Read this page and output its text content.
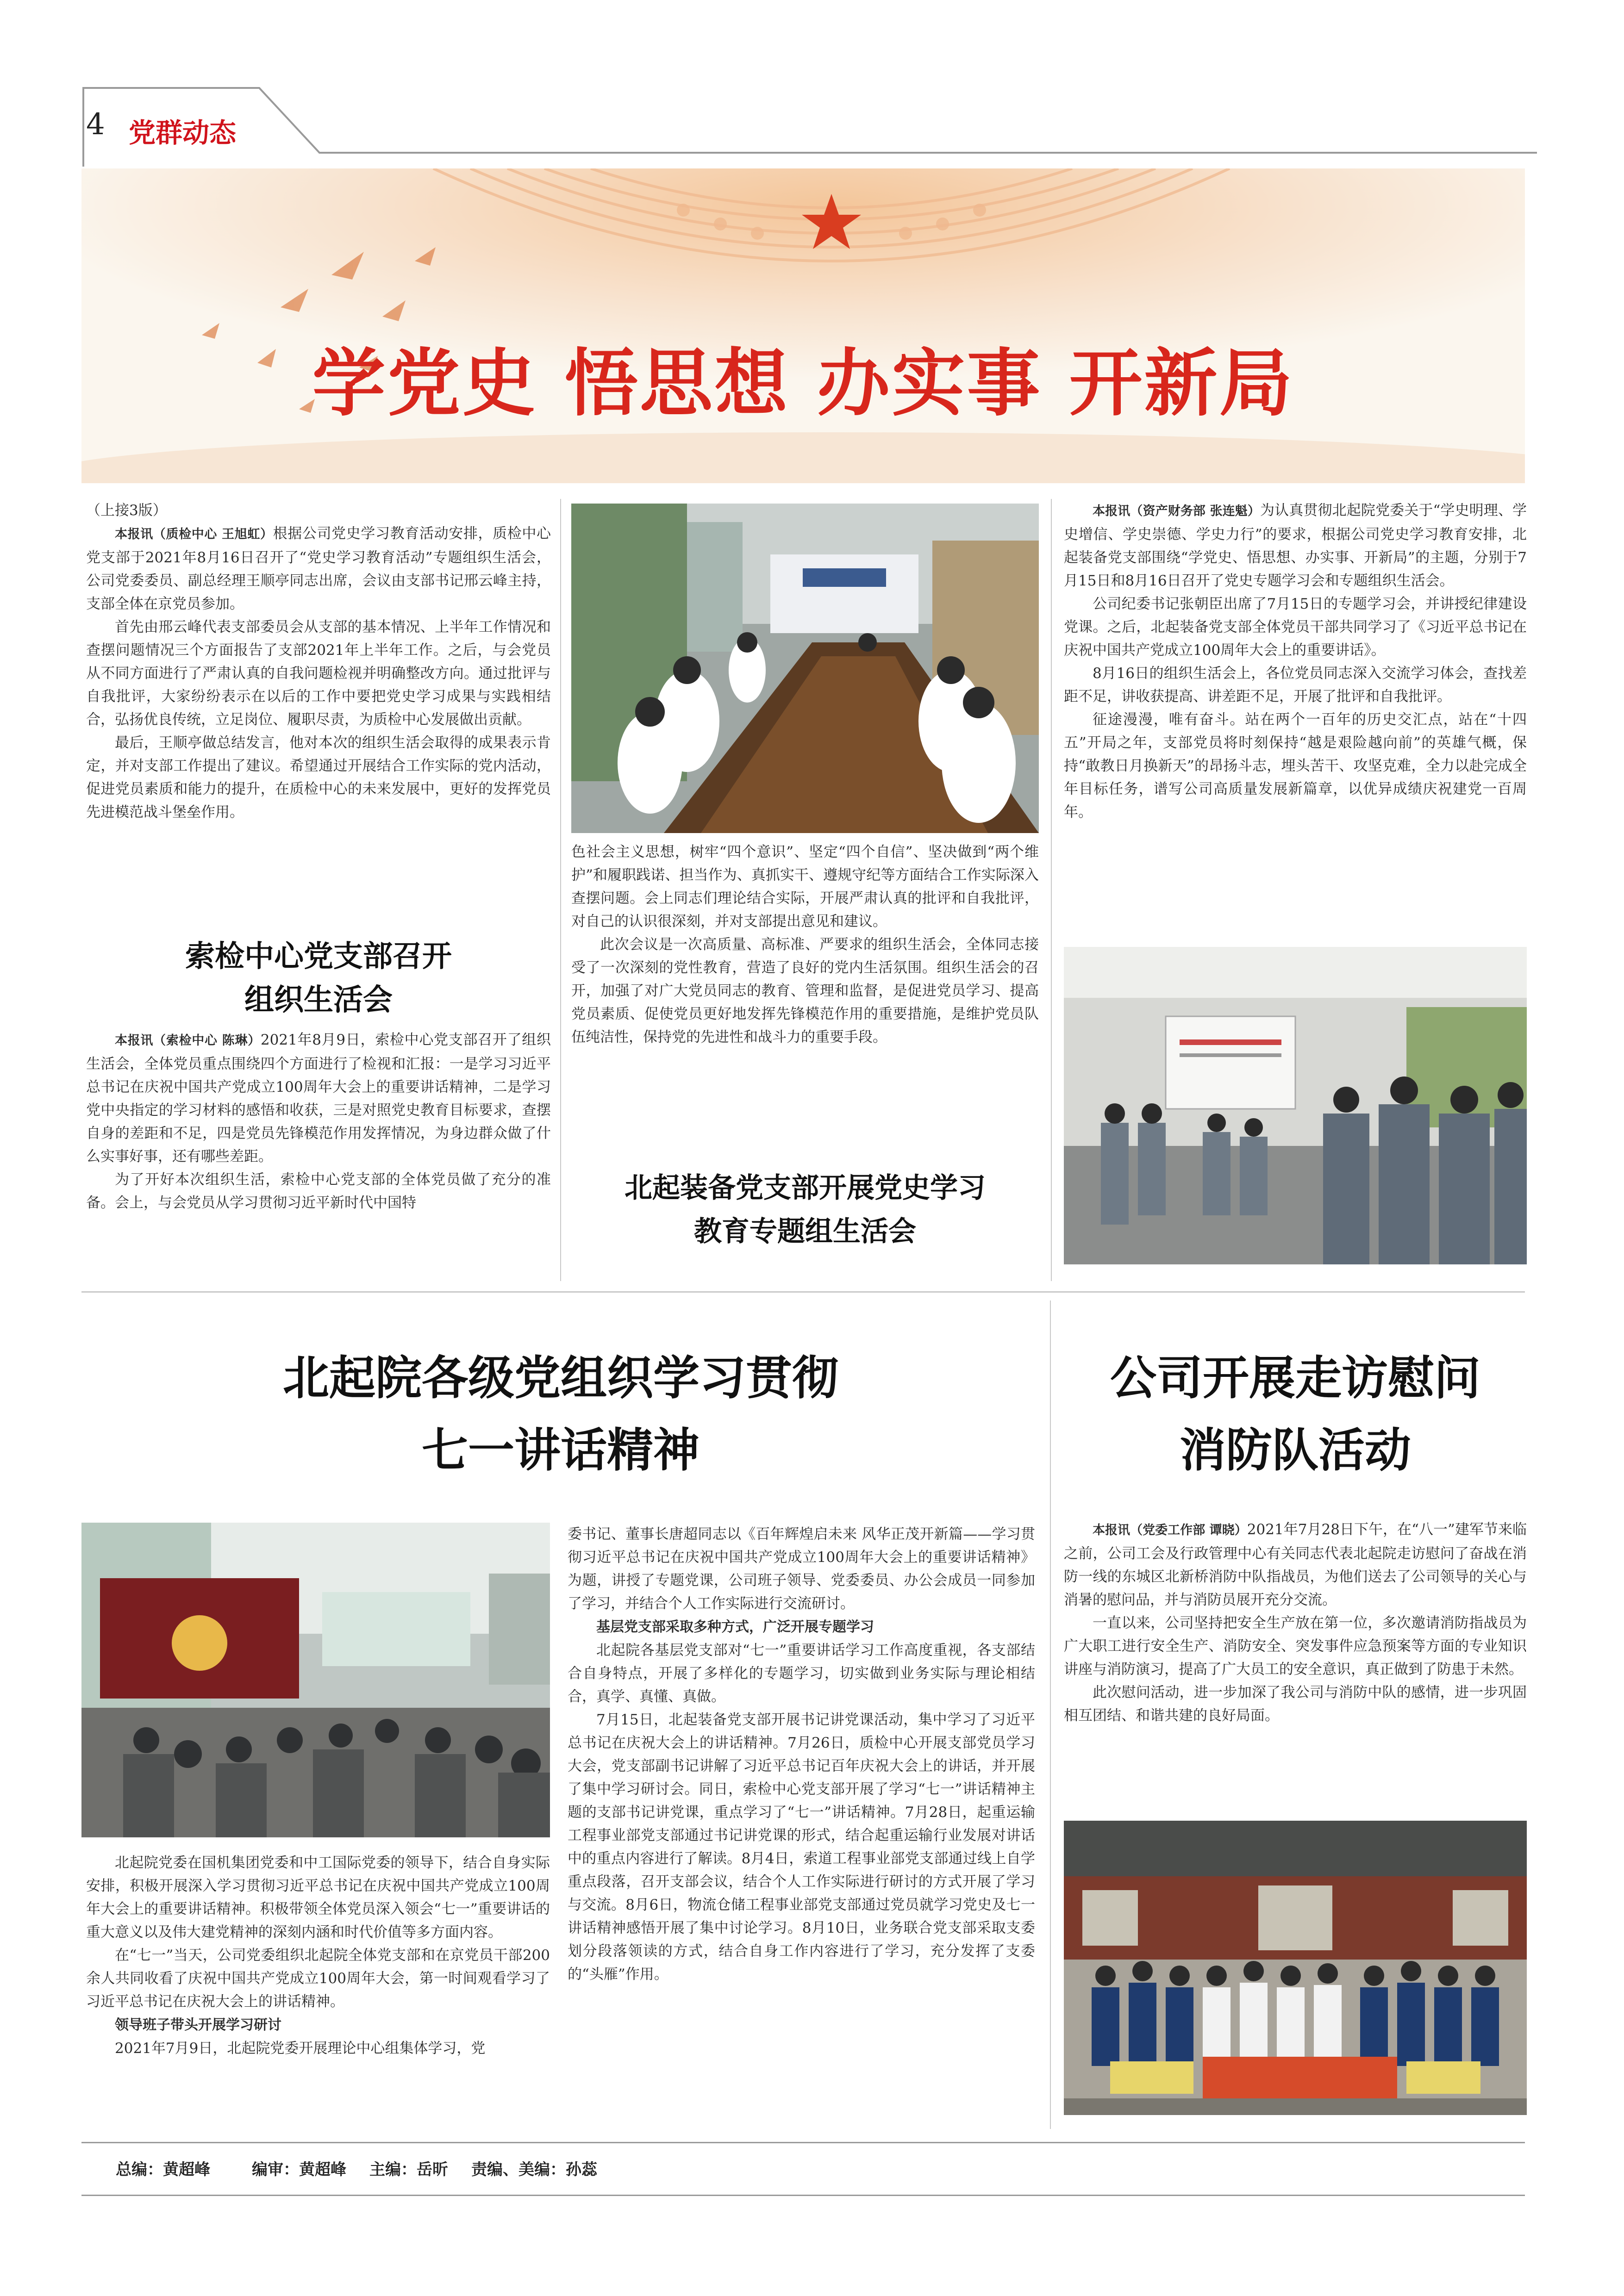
4 党群动态
学党史 悟思想 办实事 开新局

（上接3版）

本报讯（质检中心 王旭虹）根据公司党史学习教育活动安排，质检中心党支部于2021年8月16日召开了“党史学习教育活动”专题组织生活会，公司党委委员、副总经理王顺亭同志出席，会议由支部书记邢云峰主持，支部全体在京党员参加。

首先由邢云峰代表支部委员会从支部的基本情况、上半年工作情况和查摆问题情况三个方面报告了支部2021年上半年工作。之后，与会党员从不同方面进行了严肃认真的自我问题检视并明确整改方向。通过批评与自我批评，大家纷纷表示在以后的工作中要把党史学习成果与实践相结合，弘扬优良传统，立足岗位、履职尽责，为质检中心发展做出贡献。

最后，王顺亭做总结发言，他对本次的组织生活会取得的成果表示肯定，并对支部工作提出了建议。希望通过开展结合工作实际的党内活动，促进党员素质和能力的提升，在质检中心的未来发展中，更好的发挥党员先进模范战斗堡垒作用。

索检中心党支部召开

组织生活会

本报讯（索检中心 陈琳）2021年8月9日，索检中心党支部召开了组织生活会，全体党员重点围绕四个方面进行了检视和汇报：一是学习习近平总书记在庆祝中国共产党成立100周年大会上的重要讲话精神，二是学习党中央指定的学习材料的感悟和收获，三是对照党史教育目标要求，查摆自身的差距和不足，四是党员先锋模范作用发挥情况，为身边群众做了什么实事好事，还有哪些差距。

为了开好本次组织生活，索检中心党支部的全体党员做了充分的准备。会上，与会党员从学习贯彻习近平新时代中国特

色社会主义思想，树牢“四个意识”、坚定“四个自信”、坚决做到“两个维护”和履职践诺、担当作为、真抓实干、遵规守纪等方面结合工作实际深入查摆问题。会上同志们理论结合实际，开展严肃认真的批评和自我批评，对自己的认识很深刻，并对支部提出意见和建议。

此次会议是一次高质量、高标准、严要求的组织生活会，全体同志接受了一次深刻的党性教育，营造了良好的党内生活氛围。组织生活会的召开，加强了对广大党员同志的教育、管理和监督，是促进党员学习、提高党员素质、促使党员更好地发挥先锋模范作用的重要措施，是维护党员队伍纯洁性，保持党的先进性和战斗力的重要手段。

北起装备党支部开展党史学习

教育专题组生活会

本报讯（资产财务部 张连魁）为认真贯彻北起院党委关于“学史明理、学史增信、学史崇德、学史力行”的要求，根据公司党史学习教育安排，北起装备党支部围绕“学党史、悟思想、办实事、开新局”的主题，分别于7月15日和8月16日召开了党史专题学习会和专题组织生活会。

公司纪委书记张朝臣出席了7月15日的专题学习会，并讲授纪律建设党课。之后，北起装备党支部全体党员干部共同学习了《习近平总书记在庆祝中国共产党成立100周年大会上的重要讲话》。

8月16日的组织生活会上，各位党员同志深入交流学习体会，查找差距不足，讲收获提高、讲差距不足，开展了批评和自我批评。

征途漫漫，唯有奋斗。站在两个一百年的历史交汇点，站在“十四五”开局之年，支部党员将时刻保持“越是艰险越向前”的英雄气概，保持“敢教日月换新天”的昂扬斗志，埋头苦干、攻坚克难，全力以赴完成全年目标任务，谱写公司高质量发展新篇章，以优异成绩庆祝建党一百周年。

北起院各级党组织学习贯彻

七一讲话精神

北起院党委在国机集团党委和中工国际党委的领导下，结合自身实际安排，积极开展深入学习贯彻习近平总书记在庆祝中国共产党成立100周年大会上的重要讲话精神。积极带领全体党员深入领会“七一”重要讲话的重大意义以及伟大建党精神的深刻内涵和时代价值等多方面内容。

在“七一”当天，公司党委组织北起院全体党支部和在京党员干部200余人共同收看了庆祝中国共产党成立100周年大会，第一时间观看学习了习近平总书记在庆祝大会上的讲话精神。

领导班子带头开展学习研讨

2021年7月9日，北起院党委开展理论中心组集体学习，党

委书记、董事长唐超同志以《百年辉煌启未来 风华正茂开新篇——学习贯彻习近平总书记在庆祝中国共产党成立100周年大会上的重要讲话精神》为题，讲授了专题党课，公司班子领导、党委委员、办公会成员一同参加了学习，并结合个人工作实际进行交流研讨。

基层党支部采取多种方式，广泛开展专题学习

北起院各基层党支部对“七一”重要讲话学习工作高度重视，各支部结合自身特点，开展了多样化的专题学习，切实做到业务实际与理论相结合，真学、真懂、真做。

7月15日，北起装备党支部开展书记讲党课活动，集中学习了习近平总书记在庆祝大会上的讲话精神。7月26日，质检中心开展支部党员学习大会，党支部副书记讲解了习近平总书记百年庆祝大会上的讲话，并开展了集中学习研讨会。同日，索检中心党支部开展了学习“七一”讲话精神主题的支部书记讲党课，重点学习了“七一”讲话精神。7月28日，起重运输工程事业部党支部通过书记讲党课的形式，结合起重运输行业发展对讲话中的重点内容进行了解读。8月4日，索道工程事业部党支部通过线上自学重点段落，召开支部会议，结合个人工作实际进行研讨的方式开展了学习与交流。8月6日，物流仓储工程事业部党支部通过党员就学习党史及七一讲话精神感悟开展了集中讨论学习。8月10日，业务联合党支部采取支委划分段落领读的方式，结合自身工作内容进行了学习，充分发挥了支委的“头雁”作用。

公司开展走访慰问

消防队活动

本报讯（党委工作部 谭晓）2021年7月28日下午，在“八一”建军节来临之前，公司工会及行政管理中心有关同志代表北起院走访慰问了奋战在消防一线的东城区北新桥消防中队指战员，为他们送去了公司领导的关心与消暑的慰问品，并与消防员展开充分交流。

一直以来，公司坚持把安全生产放在第一位，多次邀请消防指战员为广大职工进行安全生产、消防安全、突发事件应急预案等方面的专业知识讲座与消防演习，提高了广大员工的安全意识，真正做到了防患于未然。

此次慰问活动，进一步加深了我公司与消防中队的感情，进一步巩固相互团结、和谐共建的良好局面。

总编：黄超峰	编审：黄超峰 主编：岳昕 责编、美编：孙蕊
